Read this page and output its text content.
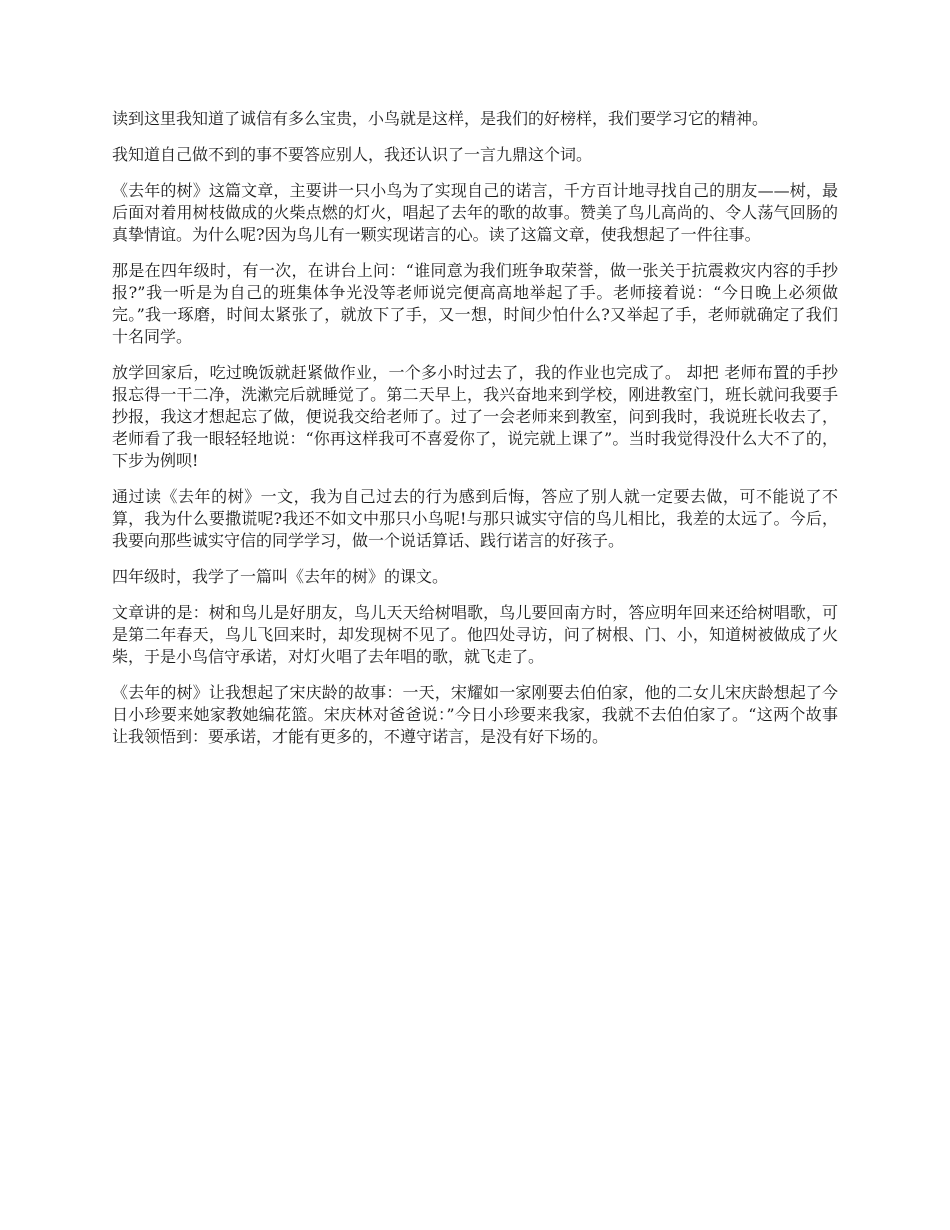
读到这里我知道了诚信有多么宝贵，小鸟就是这样，是我们的好榜样，我们要学习它的精神。

我知道自己做不到的事不要答应别人，我还认识了一言九鼎这个词。

《去年的树》这篇文章，主要讲一只小鸟为了实现自己的诺言，千方百计地寻找自己的朋友——树，最后面对着用树枝做成的火柴点燃的灯火，唱起了去年的歌的故事。赞美了鸟儿高尚的、令人荡气回肠的真挚情谊。为什么呢?因为鸟儿有一颗实现诺言的心。读了这篇文章，使我想起了一件往事。

那是在四年级时，有一次，在讲台上问：“谁同意为我们班争取荣誉，做一张关于抗震救灾内容的手抄报?”我一听是为自己的班集体争光没等老师说完便高高地举起了手。老师接着说：“今日晚上必须做完。”我一琢磨，时间太紧张了，就放下了手，又一想，时间少怕什么?又举起了手，老师就确定了我们十名同学。

放学回家后，吃过晚饭就赶紧做作业，一个多小时过去了，我的作业也完成了。 却把 老师布置的手抄报忘得一干二净，洗漱完后就睡觉了。第二天早上，我兴奋地来到学校，刚进教室门，班长就问我要手抄报，我这才想起忘了做，便说我交给老师了。过了一会老师来到教室，问到我时，我说班长收去了，老师看了我一眼轻轻地说：“你再这样我可不喜爱你了，说完就上课了”。当时我觉得没什么大不了的，下步为例呗!

通过读《去年的树》一文，我为自己过去的行为感到后悔，答应了别人就一定要去做，可不能说了不算，我为什么要撒谎呢?我还不如文中那只小鸟呢!与那只诚实守信的鸟儿相比，我差的太远了。今后，我要向那些诚实守信的同学学习，做一个说话算话、践行诺言的好孩子。

四年级时，我学了一篇叫《去年的树》的课文。

文章讲的是：树和鸟儿是好朋友，鸟儿天天给树唱歌，鸟儿要回南方时，答应明年回来还给树唱歌，可是第二年春天，鸟儿飞回来时，却发现树不见了。他四处寻访，问了树根、门、小，知道树被做成了火柴，于是小鸟信守承诺，对灯火唱了去年唱的歌，就飞走了。

《去年的树》让我想起了宋庆龄的故事：一天，宋耀如一家刚要去伯伯家，他的二女儿宋庆龄想起了今日小珍要来她家教她编花篮。宋庆林对爸爸说：”今日小珍要来我家，我就不去伯伯家了。“这两个故事让我领悟到：要承诺，才能有更多的，不遵守诺言，是没有好下场的。
